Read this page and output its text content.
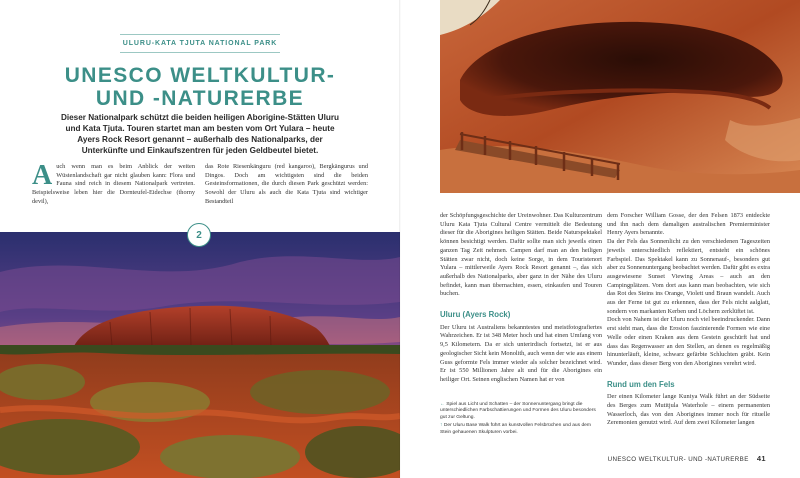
ULURU-KATA TJUTA NATIONAL PARK
UNESCO WELTKULTUR-
UND -NATURERBE

Dieser Nationalpark schützt die beiden heiligen Aborigine-Stätten Uluru und Kata Tjuta. Touren startet man am besten vom Ort Yulara – heute Ayers Rock Resort genannt – außerhalb des Nationalparks, der Unterkünfte und Einkaufszentren für jeden Geldbeutel bietet.

A uch wenn man es beim Anblick der weiten Wüstenlandschaft gar nicht glauben kann: Flora und Fauna sind reich in diesem Nationalpark vertreten. Beispielsweise leben hier die Dornteufel-Eidechse (thorny devil),
das Rote Riesenkänguru (red kangaroo), Bergkängurus und Dingos. Doch am wichtigsten sind die beiden Gesteinsformationen, die durch diesen Park geschützt werden: Sowohl der Uluru als auch die Kata Tjuta sind wichtiger Bestandteil
2

der Schöpfungsgeschichte der Ureinwohner. Das Kulturzentrum Uluru Kata Tjuta Cultural Centre vermittelt die Bedeutung dieser für die Aborigines heiligen Stätten. Beide Naturspektakel können besichtigt werden. Dafür sollte man sich jeweils einen ganzen Tag Zeit nehmen. Campen darf man an den heiligen Stätten zwar nicht, doch keine Sorge, in dem Touristenort Yulara – mittlerweile Ayers Rock Resort genannt –, das sich außerhalb des Nationalparks, aber ganz in der Nähe des Uluru befindet, kann man übernachten, essen, einkaufen und Touren buchen.

Uluru (Ayers Rock)

Der Uluru ist Australiens bekanntestes und meistfotografiertes Wahrzeichen. Er ist 348 Meter hoch und hat einen Umfang von 9,5 Kilometern. Da er sich unterirdisch fortsetzt, ist er aus geologischer Sicht kein Monolith, auch wenn der wie aus einem Guss geformte Fels immer wieder als solcher bezeichnet wird. Er ist 550 Millionen Jahre alt und für die Aborigines ein heiliger Ort. Seinen englischen Namen hat er von

dem Forscher William Gosse, der den Felsen 1873 entdeckte und ihn nach dem damaligen australischen Premierminister Henry Ayers benannte.

Da der Fels das Sonnenlicht zu den verschiedenen Tageszeiten jeweils unterschiedlich reflektiert, entsteht ein schönes Farbspiel. Das Spektakel kann zu Sonnenauf-, besonders gut aber zu Sonnenuntergang beobachtet werden. Dafür gibt es extra ausgewiesene Sunset Viewing Areas – auch an den Campingplätzen. Vom dort aus kann man beobachten, wie sich das Rot des Steins ins Orange, Violett und Braun wandelt. Auch aus der Ferne ist gut zu erkennen, dass der Fels nicht aalglatt, sondern von markanten Kerben und Löchern zerklüftet ist.

Doch von Nahem ist der Uluru noch viel beeindruckender. Dann erst sieht man, dass die Erosion faszinierende Formen wie eine Welle oder einen Kraken aus dem Gestein geschürft hat und dass das Regenwasser an den Stellen, an denen es regelmäßig hinunterläuft, kleine, schwarz gefärbte Schluchten gräbt. Kein Wunder, dass dieser Berg von den Aborigines verehrt wird.

Rund um den Fels

Der einen Kilometer lange Kuniya Walk führt an der Südseite des Berges zum Mutitjula Waterhole – einem permanenten Wasserloch, das von den Aborigines immer noch für rituelle Zeremonien genutzt wird. Auf dem zwei Kilometer langen

← Spiel aus Licht und Schatten – der Sonnenuntergang bringt die unterschiedlichen Farbschattierungen und Formen des Uluru besonders gut zur Geltung.

↑ Der Uluru Base Walk führt an kunstvollen Felsbrüchen und aus dem Stein gehauenen Skulpturen vorbei.

UNESCO WELTKULTUR- UND -NATURERBE 41
